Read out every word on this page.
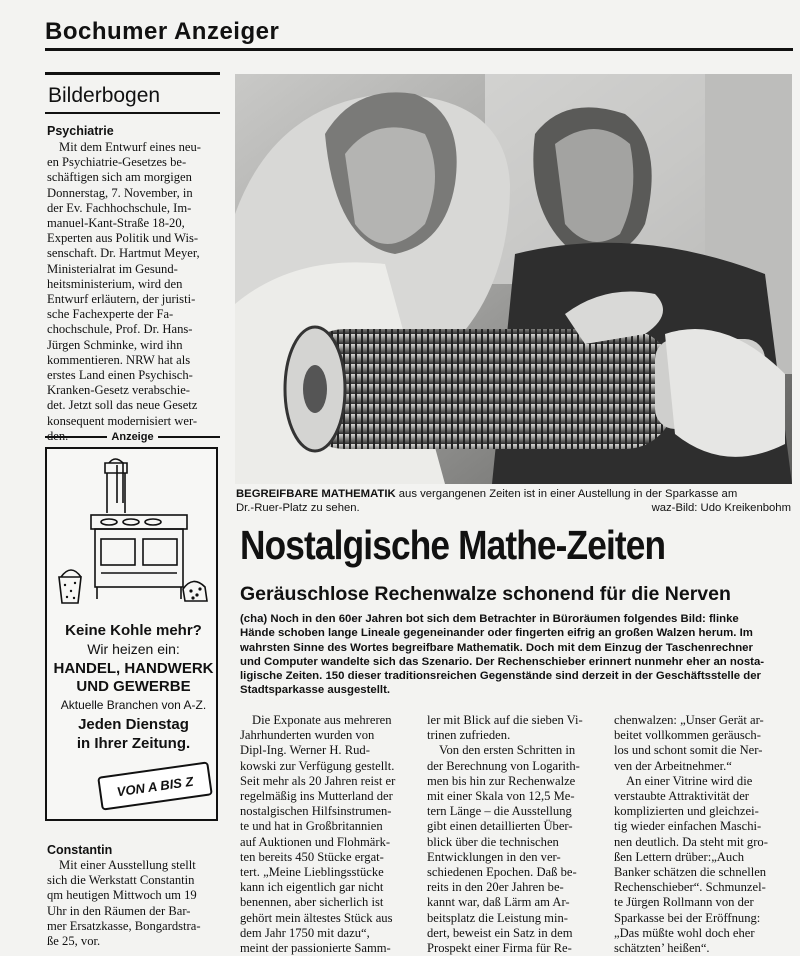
Bochumer Anzeiger
Bilderbogen
Psychiatrie
Mit dem Entwurf eines neu-
en Psychiatrie-Gesetzes be-
schäftigen sich am morgigen
Donnerstag, 7. November, in
der Ev. Fachhochschule, Im-
manuel-Kant-Straße 18-20,
Experten aus Politik und Wis-
senschaft. Dr. Hartmut Meyer,
Ministerialrat im Gesund-
heitsministerium, wird den
Entwurf erläutern, der juristi-
sche Fachexperte der Fa-
chochschule, Prof. Dr. Hans-
Jürgen Schminke, wird ihn
kommentieren. NRW hat als
erstes Land einen Psychisch-
Kranken-Gesetz verabschie-
det. Jetzt soll das neue Gesetz
konsequent modernisiert wer-
den.	Anzeige
Keine Kohle mehr?
Wir heizen ein:
HANDEL, HANDWERK
UND GEWERBE
Aktuelle Branchen von A-Z.
Jeden Dienstag
in Ihrer Zeitung.
VON A BIS Z
Constantin
Mit einer Ausstellung stellt
sich die Werkstatt Constantin
qm heutigen Mittwoch um 19
Uhr in den Räumen der Bar-
mer Ersatzkasse, Bongardstra-
ße 25, vor.
BEGREIFBARE MATHEMATIK aus vergangenen Zeiten ist in einer Austellung in der Sparkasse am
Dr.-Ruer-Platz zu sehen.	waz-Bild: Udo Kreikenbohm
Nostalgische Mathe-Zeiten
Geräuschlose Rechenwalze schonend für die Nerven
(cha) Noch in den 60er Jahren bot sich dem Betrachter in Büroräumen folgendes Bild: flinke
Hände schoben lange Lineale gegeneinander oder fingerten eifrig an großen Walzen herum. Im
wahrsten Sinne des Wortes begreifbare Mathematik. Doch mit dem Einzug der Taschenrechner
und Computer wandelte sich das Szenario. Der Rechenschieber erinnert nunmehr eher an nosta-
ligische Zeiten. 150 dieser traditionsreichen Gegenstände sind derzeit in der Geschäftsstelle der
Stadtsparkasse ausgestellt.
Die Exponate aus mehreren
Jahrhunderten wurden von
Dipl-Ing. Werner H. Rud-
kowski zur Verfügung gestellt.
Seit mehr als 20 Jahren reist er
regelmäßig ins Mutterland der
nostalgischen Hilfsinstrumen-
te und hat in Großbritannien
auf Auktionen und Flohmärk-
ten bereits 450 Stücke ergat-
tert. „Meine Lieblingsstücke
kann ich eigentlich gar nicht
benennen, aber sicherlich ist
gehört mein ältestes Stück aus
dem Jahr 1750 mit dazu“,
meint der passionierte Samm-
ler mit Blick auf die sieben Vi-
trinen zufrieden.
Von den ersten Schritten in
der Berechnung von Logarith-
men bis hin zur Rechenwalze
mit einer Skala von 12,5 Me-
tern Länge – die Ausstellung
gibt einen detaillierten Über-
blick über die technischen
Entwicklungen in den ver-
schiedenen Epochen. Daß be-
reits in den 20er Jahren be-
kannt war, daß Lärm am Ar-
beitsplatz die Leistung min-
dert, beweist ein Satz in dem
Prospekt einer Firma für Re-
chenwalzen: „Unser Gerät ar-
beitet vollkommen geräusch-
los und schont somit die Ner-
ven der Arbeitnehmer.“
An einer Vitrine wird die
verstaubte Attraktivität der
komplizierten und gleichzei-
tig wieder einfachen Maschi-
nen deutlich. Da steht mit gro-
ßen Lettern drüber:„Auch
Banker schätzen die schnellen
Rechenschieber“. Schmunzel-
te Jürgen Rollmann von der
Sparkasse bei der Eröffnung:
„Das müßte wohl doch eher
schätzten’ heißen“.
